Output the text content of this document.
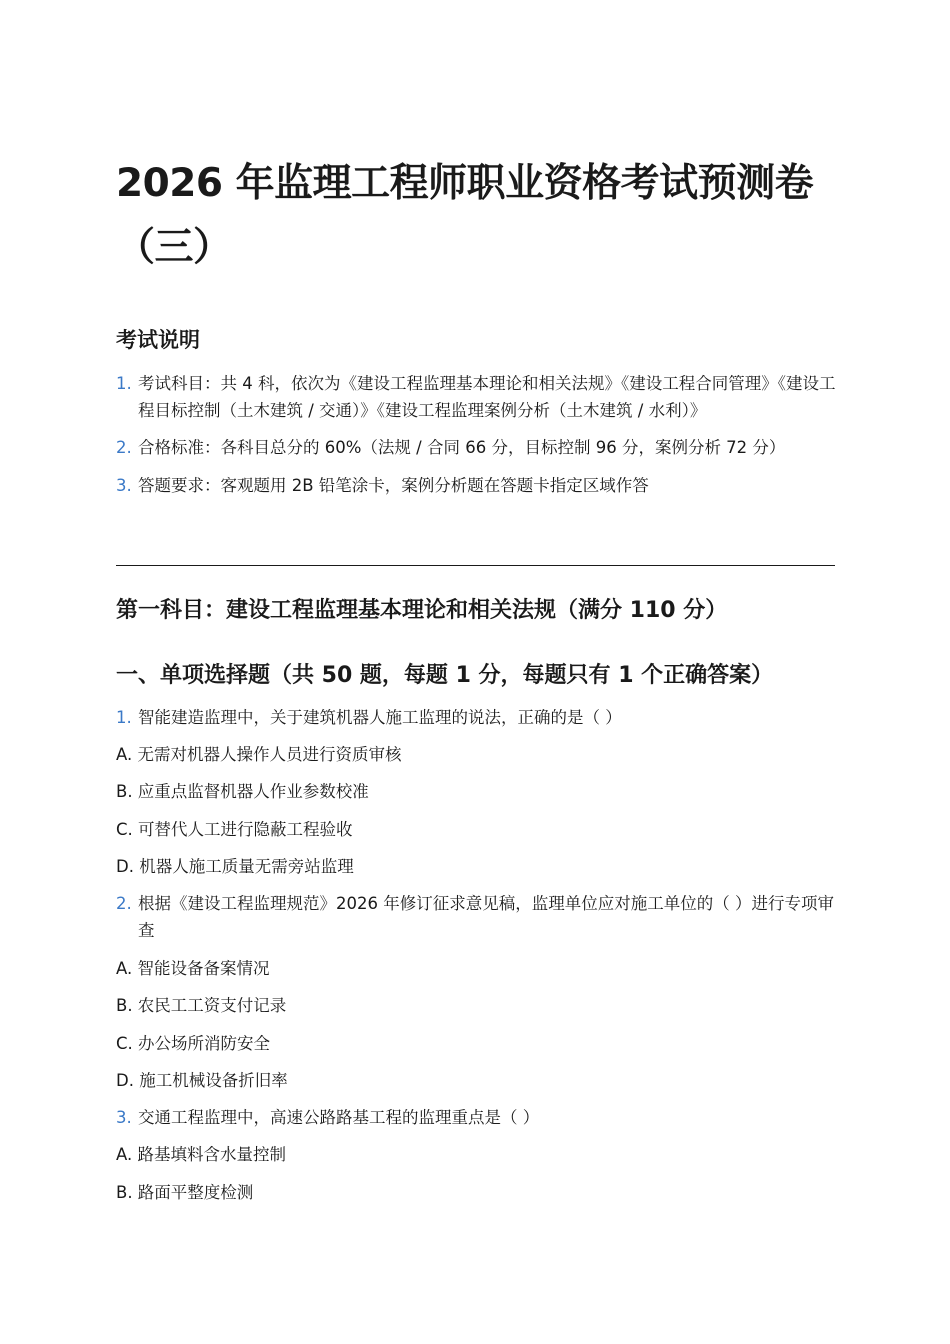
2026 年监理工程师职业资格考试预测卷（三）
考试说明
1. 考试科目：共 4 科，依次为《建设工程监理基本理论和相关法规》《建设工程合同管理》《建设工程目标控制（土木建筑 / 交通）》《建设工程监理案例分析（土木建筑 / 水利）》
2. 合格标准：各科目总分的 60%（法规 / 合同 66 分，目标控制 96 分，案例分析 72 分）
3. 答题要求：客观题用 2B 铅笔涂卡，案例分析题在答题卡指定区域作答
第一科目：建设工程监理基本理论和相关法规（满分 110 分）
一、单项选择题（共 50 题，每题 1 分，每题只有 1 个正确答案）
1. 智能建造监理中，关于建筑机器人施工监理的说法，正确的是（ ）
A. 无需对机器人操作人员进行资质审核
B. 应重点监督机器人作业参数校准
C. 可替代人工进行隐蔽工程验收
D. 机器人施工质量无需旁站监理
2. 根据《建设工程监理规范》2026 年修订征求意见稿，监理单位应对施工单位的（ ）进行专项审查
A. 智能设备备案情况
B. 农民工工资支付记录
C. 办公场所消防安全
D. 施工机械设备折旧率
3. 交通工程监理中，高速公路路基工程的监理重点是（ ）
A. 路基填料含水量控制
B. 路面平整度检测
